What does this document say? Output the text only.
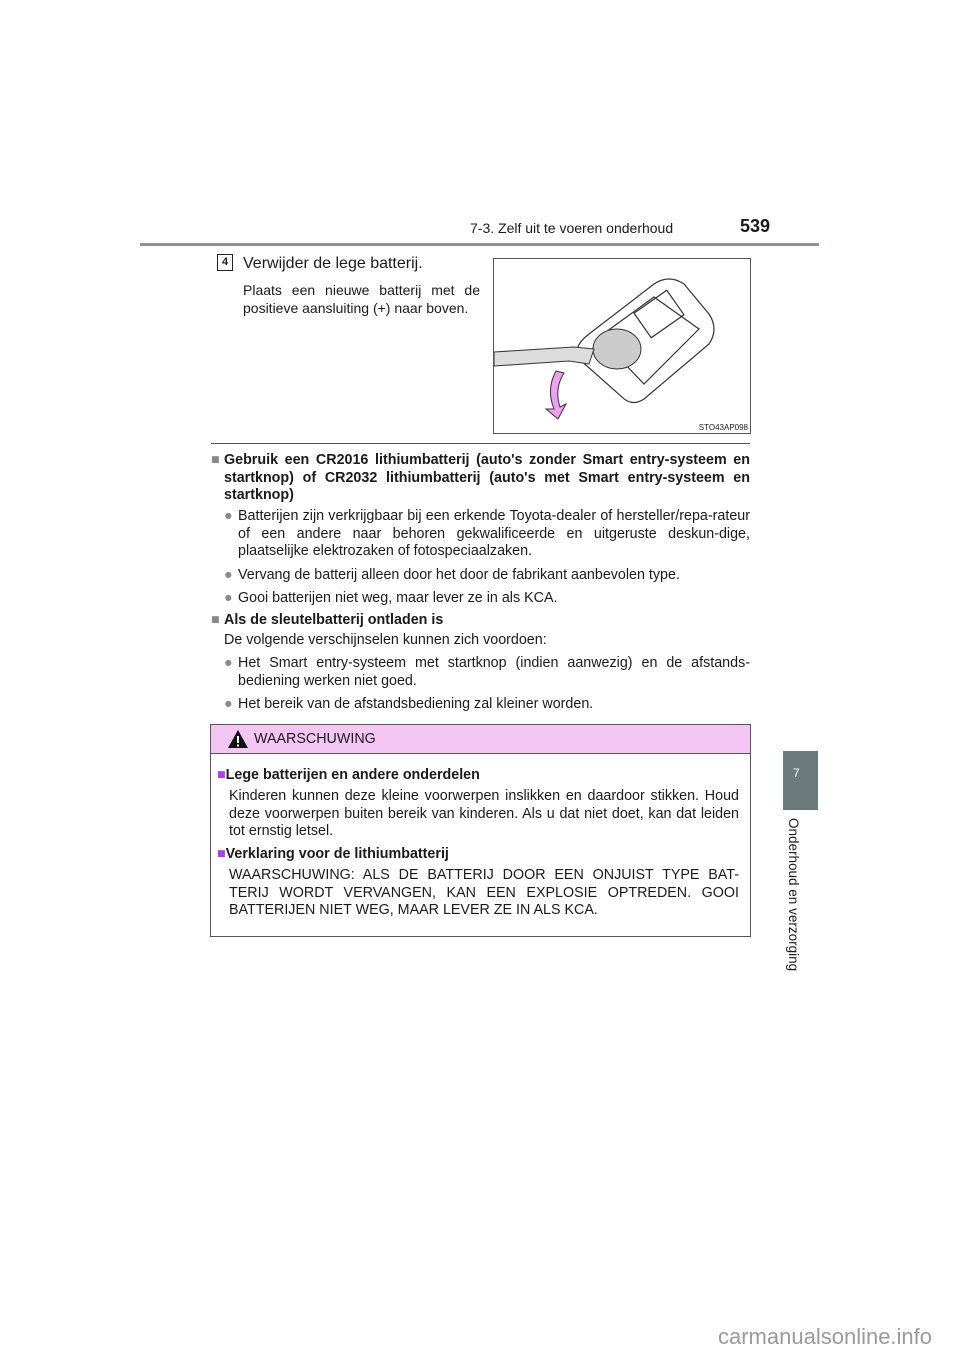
7-3. Zelf uit te voeren onderhoud	539
4 Verwijder de lege batterij.
Plaats een nieuwe batterij met de positieve aansluiting (+) naar boven.
STO43AP098
■ Gebruik een CR2016 lithiumbatterij (auto's zonder Smart entry-systeem en startknop) of CR2032 lithiumbatterij (auto's met Smart entry-systeem en startknop)
● Batterijen zijn verkrijgbaar bij een erkende Toyota-dealer of hersteller/repa-rateur of een andere naar behoren gekwalificeerde en uitgeruste deskun-dige, plaatselijke elektrozaken of fotospeciaalzaken.
● Vervang de batterij alleen door het door de fabrikant aanbevolen type.
● Gooi batterijen niet weg, maar lever ze in als KCA.
■ Als de sleutelbatterij ontladen is
De volgende verschijnselen kunnen zich voordoen:
● Het Smart entry-systeem met startknop (indien aanwezig) en de afstands-bediening werken niet goed.
● Het bereik van de afstandsbediening zal kleiner worden.
WAARSCHUWING
■Lege batterijen en andere onderdelen
Kinderen kunnen deze kleine voorwerpen inslikken en daardoor stikken. Houd deze voorwerpen buiten bereik van kinderen. Als u dat niet doet, kan dat leiden tot ernstig letsel.
■Verklaring voor de lithiumbatterij
WAARSCHUWING: ALS DE BATTERIJ DOOR EEN ONJUIST TYPE BAT-TERIJ WORDT VERVANGEN, KAN EEN EXPLOSIE OPTREDEN. GOOI BATTERIJEN NIET WEG, MAAR LEVER ZE IN ALS KCA.
7
Onderhoud en verzorging
carmanualsonline.info
